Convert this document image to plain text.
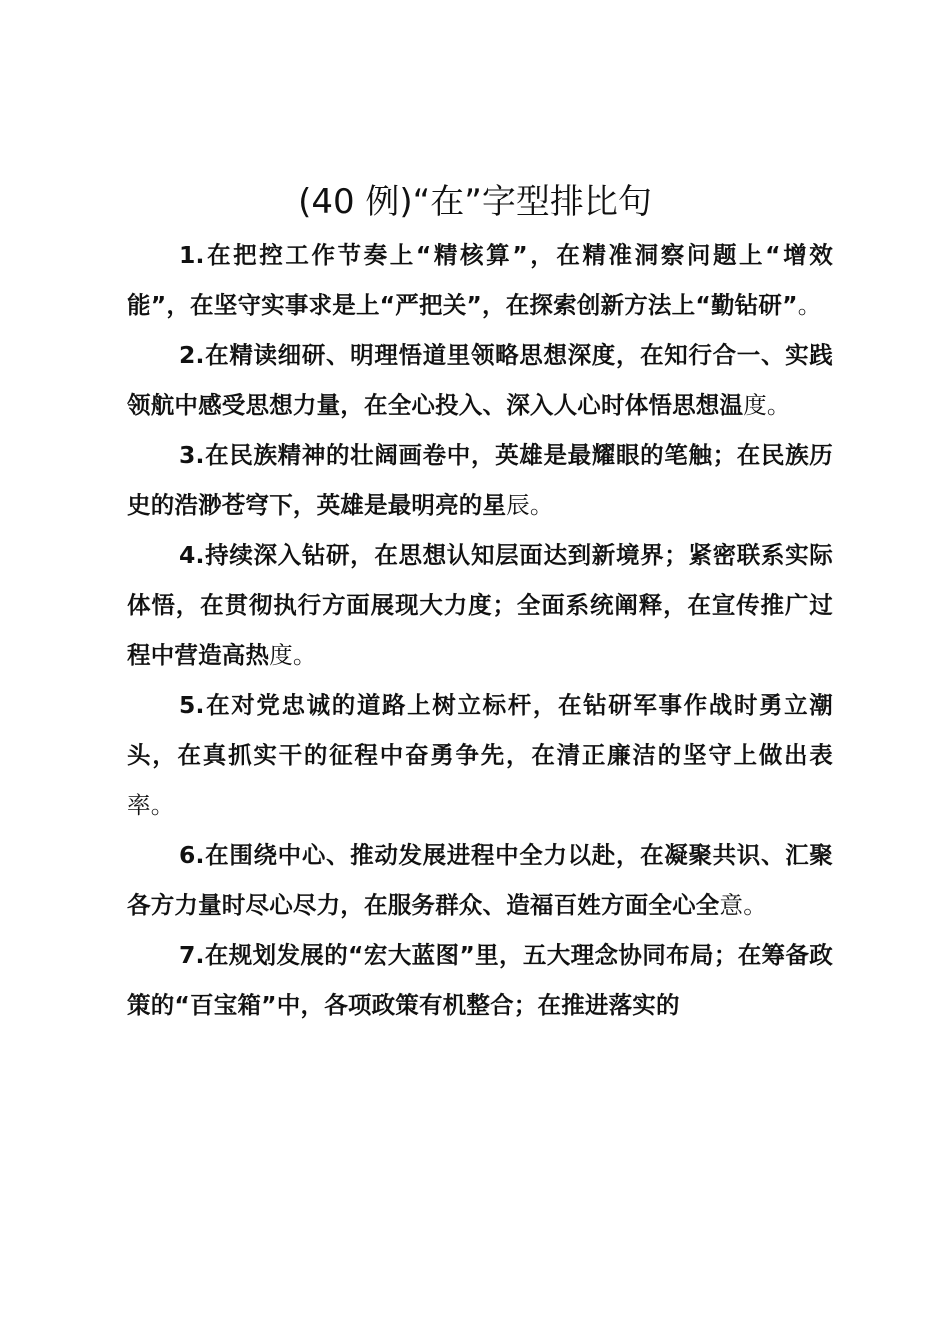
(40 例)“在”字型排比句

1.在把控工作节奏上“精核算”，在精准洞察问题上“增效能”，在坚守实事求是上“严把关”，在探索创新方法上“勤钻研”。

2.在精读细研、明理悟道里领略思想深度，在知行合一、实践领航中感受思想力量，在全心投入、深入人心时体悟思想温度。

3.在民族精神的壮阔画卷中，英雄是最耀眼的笔触；在民族历史的浩渺苍穹下，英雄是最明亮的星辰。

4.持续深入钻研，在思想认知层面达到新境界；紧密联系实际体悟，在贯彻执行方面展现大力度；全面系统阐释，在宣传推广过程中营造高热度。

5.在对党忠诚的道路上树立标杆，在钻研军事作战时勇立潮头，在真抓实干的征程中奋勇争先，在清正廉洁的坚守上做出表率。

6.在围绕中心、推动发展进程中全力以赴，在凝聚共识、汇聚各方力量时尽心尽力，在服务群众、造福百姓方面全心全意。

7.在规划发展的“宏大蓝图”里，五大理念协同布局；在筹备政策的“百宝箱”中，各项政策有机整合；在推进落实的
